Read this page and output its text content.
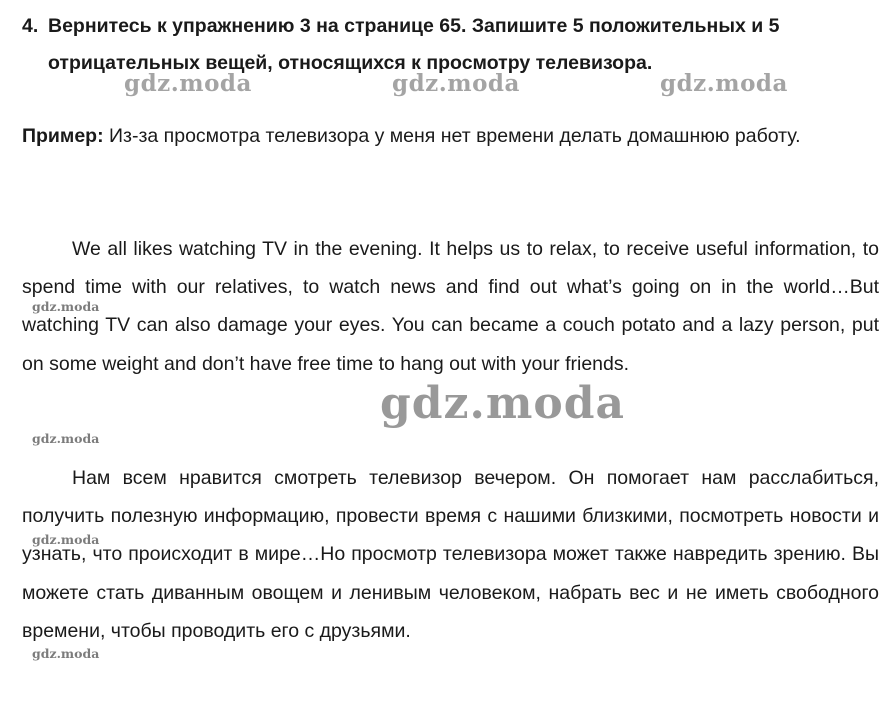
4. Вернитесь к упражнению 3 на странице 65. Запишите 5 положительных и 5
отрицательных вещей, относящихся к просмотру телевизора.
Пример: Из-за просмотра телевизора у меня нет времени делать домашнюю работу.

We all likes watching TV in the evening. It helps us to relax, to receive useful information, to spend time with our relatives, to watch news and find out what’s going on in the world…But watching TV can also damage your eyes. You can became a couch potato and a lazy person, put on some weight and don’t have free time to hang out with your friends.

Нам всем нравится смотреть телевизор вечером. Он помогает нам расслабиться, получить полезную информацию, провести время с нашими близкими, посмотреть новости и узнать, что происходит в мире…Но просмотр телевизора может также навредить зрению. Вы можете стать диванным овощем и ленивым человеком, набрать вес и не иметь свободного времени, чтобы проводить его с друзьями.

gdz.moda	gdz.moda	gdz.moda
gdz.moda
gdz.moda
gdz.moda
gdz.moda
gdz.moda
